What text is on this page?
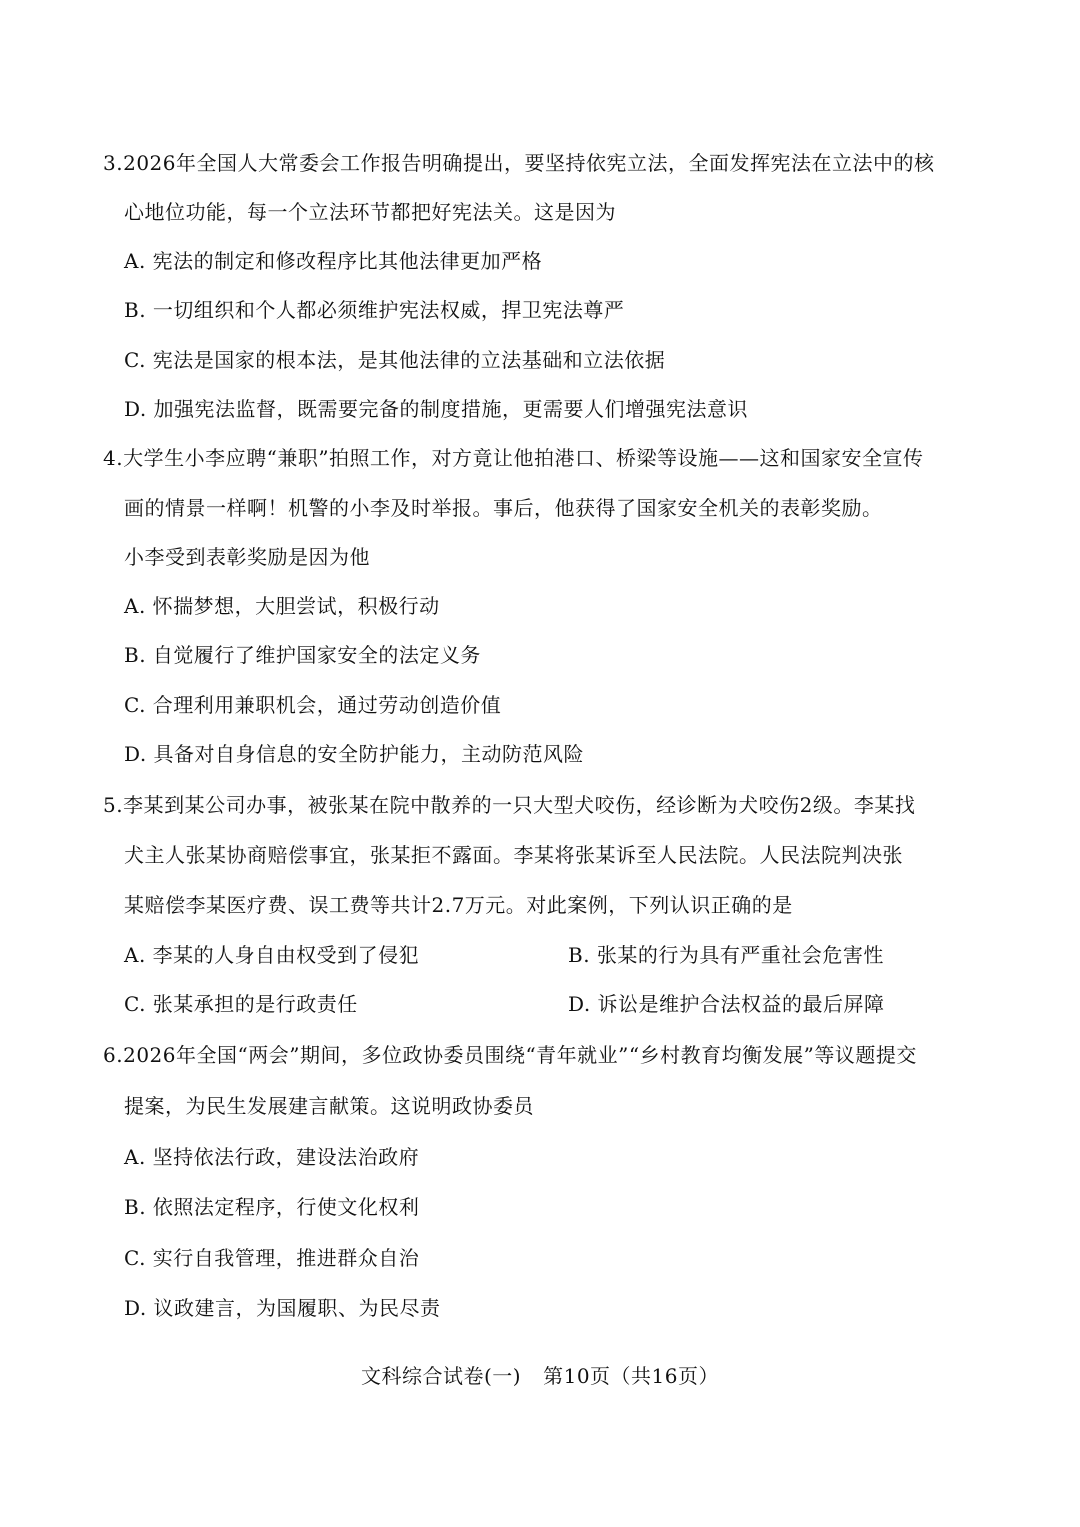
3.2026年全国人大常委会工作报告明确提出，要坚持依宪立法，全面发挥宪法在立法中的核
心地位功能，每一个立法环节都把好宪法关。这是因为
A. 宪法的制定和修改程序比其他法律更加严格
B. 一切组织和个人都必须维护宪法权威，捍卫宪法尊严
C. 宪法是国家的根本法，是其他法律的立法基础和立法依据
D. 加强宪法监督，既需要完备的制度措施，更需要人们增强宪法意识
4.大学生小李应聘“兼职”拍照工作，对方竟让他拍港口、桥梁等设施——这和国家安全宣传
画的情景一样啊！机警的小李及时举报。事后，他获得了国家安全机关的表彰奖励。
小李受到表彰奖励是因为他
A. 怀揣梦想，大胆尝试，积极行动
B. 自觉履行了维护国家安全的法定义务
C. 合理利用兼职机会，通过劳动创造价值
D. 具备对自身信息的安全防护能力，主动防范风险
5.李某到某公司办事，被张某在院中散养的一只大型犬咬伤，经诊断为犬咬伤2级。李某找
犬主人张某协商赔偿事宜，张某拒不露面。李某将张某诉至人民法院。人民法院判决张
某赔偿李某医疗费、误工费等共计2.7万元。对此案例，下列认识正确的是
A. 李某的人身自由权受到了侵犯	B. 张某的行为具有严重社会危害性
C. 张某承担的是行政责任	D. 诉讼是维护合法权益的最后屏障
6.2026年全国“两会”期间，多位政协委员围绕“青年就业”“乡村教育均衡发展”等议题提交
提案，为民生发展建言献策。这说明政协委员
A. 坚持依法行政，建设法治政府
B. 依照法定程序，行使文化权利
C. 实行自我管理，推进群众自治
D. 议政建言，为国履职、为民尽责
文科综合试卷(一) 第10页（共16页）
